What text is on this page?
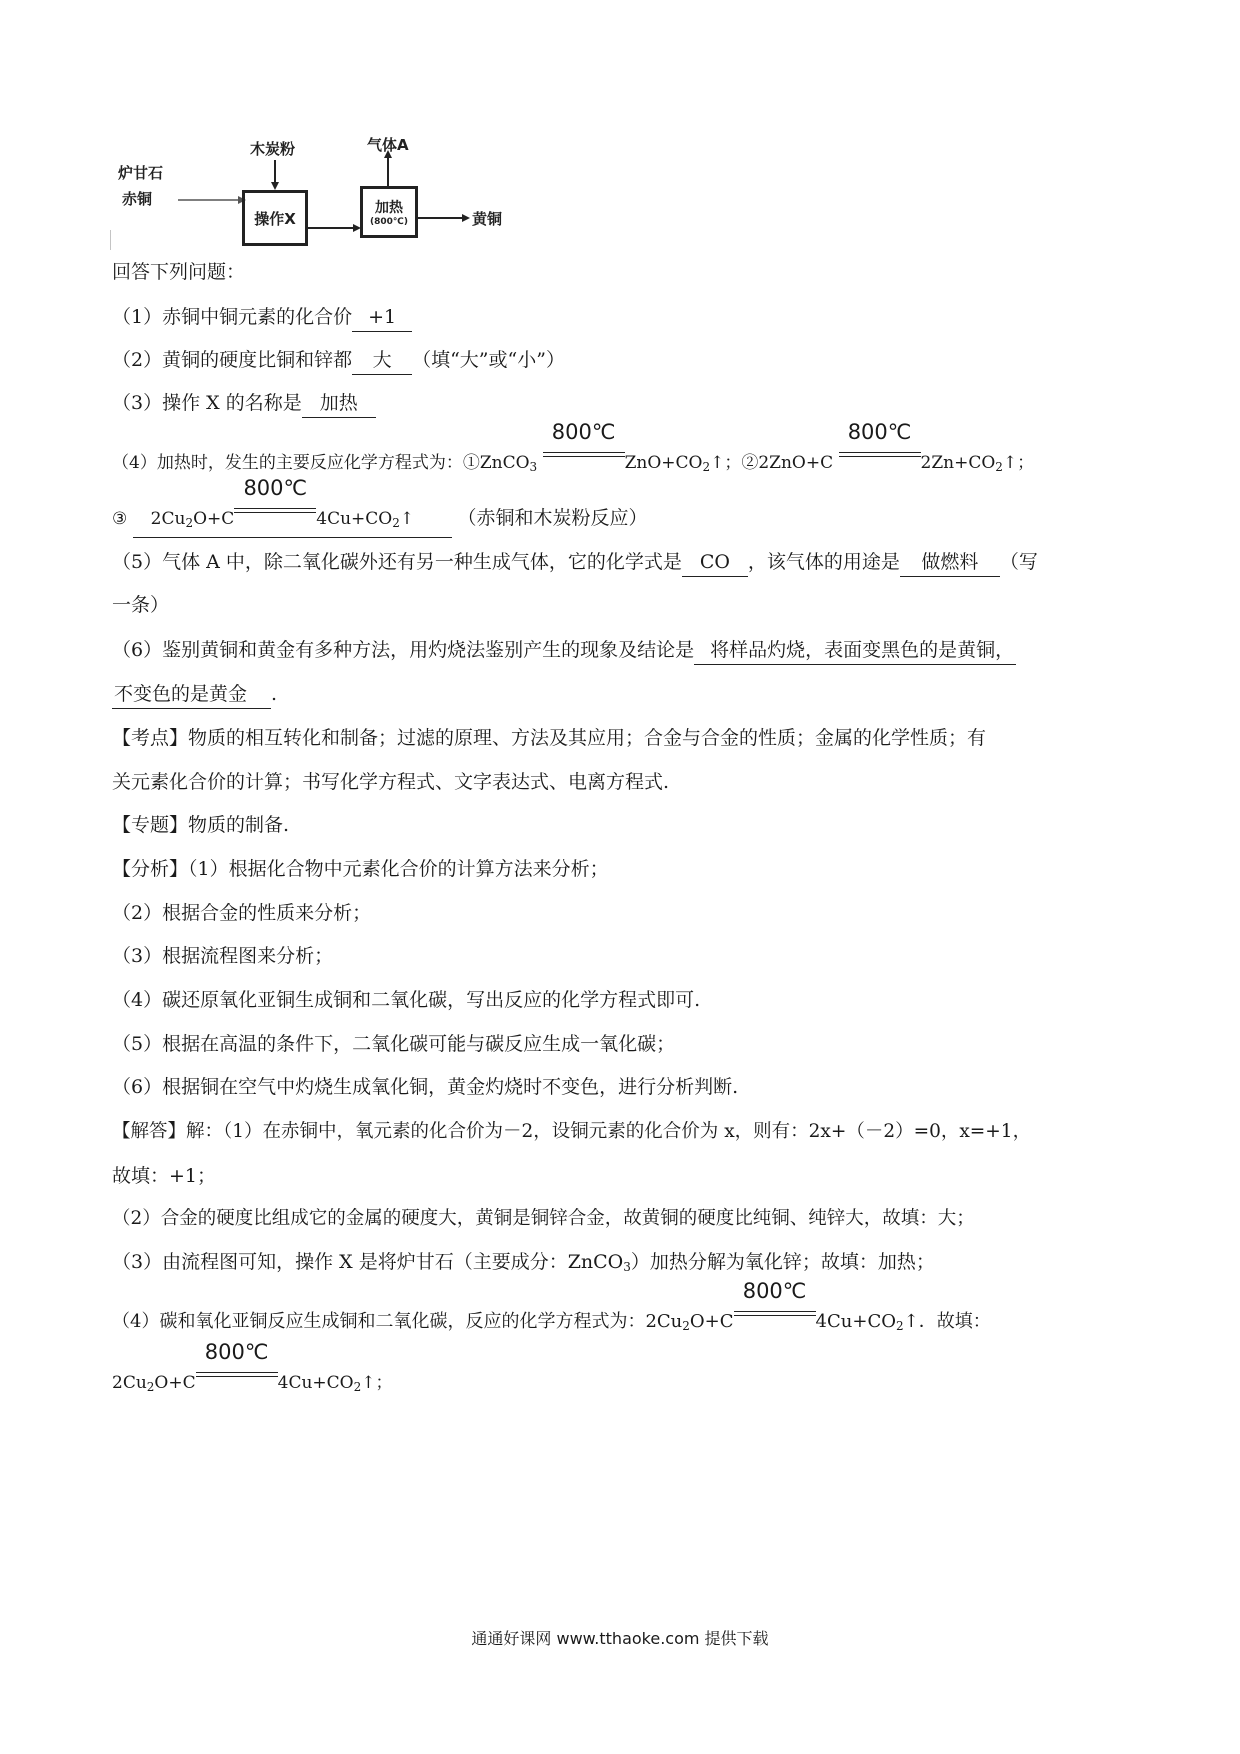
炉甘石
赤铜
木炭粉	气体A
操作X
加热
(800℃)	黄铜
回答下列问题：
（1）赤铜中铜元素的化合价 +1
（2）黄铜的硬度比铜和锌都 大 （填“大”或“小”）
（3）操作 X 的名称是 加热
（4）加热时，发生的主要反应化学方程式为：①ZnCO$_3$
800℃
$ZnO+CO_2↑$；②2ZnO+C
800℃
$2Zn+CO_2↑$；
③ $2Cu_2O+C$
800℃
$4Cu+CO_2↑$ （赤铜和木炭粉反应）
（5）气体 A 中，除二氧化碳外还有另一种生成气体，它的化学式是 CO ，该气体的用途是 做燃料 （写
一条）
（6）鉴别黄铜和黄金有多种方法，用灼烧法鉴别产生的现象及结论是 将样品灼烧，表面变黑色的是黄铜，
不变色的是黄金 .
【考点】物质的相互转化和制备；过滤的原理、方法及其应用；合金与合金的性质；金属的化学性质；有
关元素化合价的计算；书写化学方程式、文字表达式、电离方程式.
【专题】物质的制备.
【分析】（1）根据化合物中元素化合价的计算方法来分析；
（2）根据合金的性质来分析；
（3）根据流程图来分析；
（4）碳还原氧化亚铜生成铜和二氧化碳，写出反应的化学方程式即可.
（5）根据在高温的条件下，二氧化碳可能与碳反应生成一氧化碳；
（6）根据铜在空气中灼烧生成氧化铜，黄金灼烧时不变色，进行分析判断.
【解答】解：（1）在赤铜中，氧元素的化合价为－2，设铜元素的化合价为 x，则有：2x+（－2）=0，x=+1，
故填：+1；
（2）合金的硬度比组成它的金属的硬度大，黄铜是铜锌合金，故黄铜的硬度比纯铜、纯锌大，故填：大；
（3）由流程图可知，操作 X 是将炉甘石（主要成分：ZnCO$_3$）加热分解为氧化锌；故填：加热；
（4）碳和氧化亚铜反应生成铜和二氧化碳，反应的化学方程式为：$2Cu_2O+C$
800℃
$4Cu+CO_2↑$．故填：
$2Cu_2O+C$
800℃
$4Cu+CO_2↑$；
通通好课网 www.tthaoke.com 提供下载
